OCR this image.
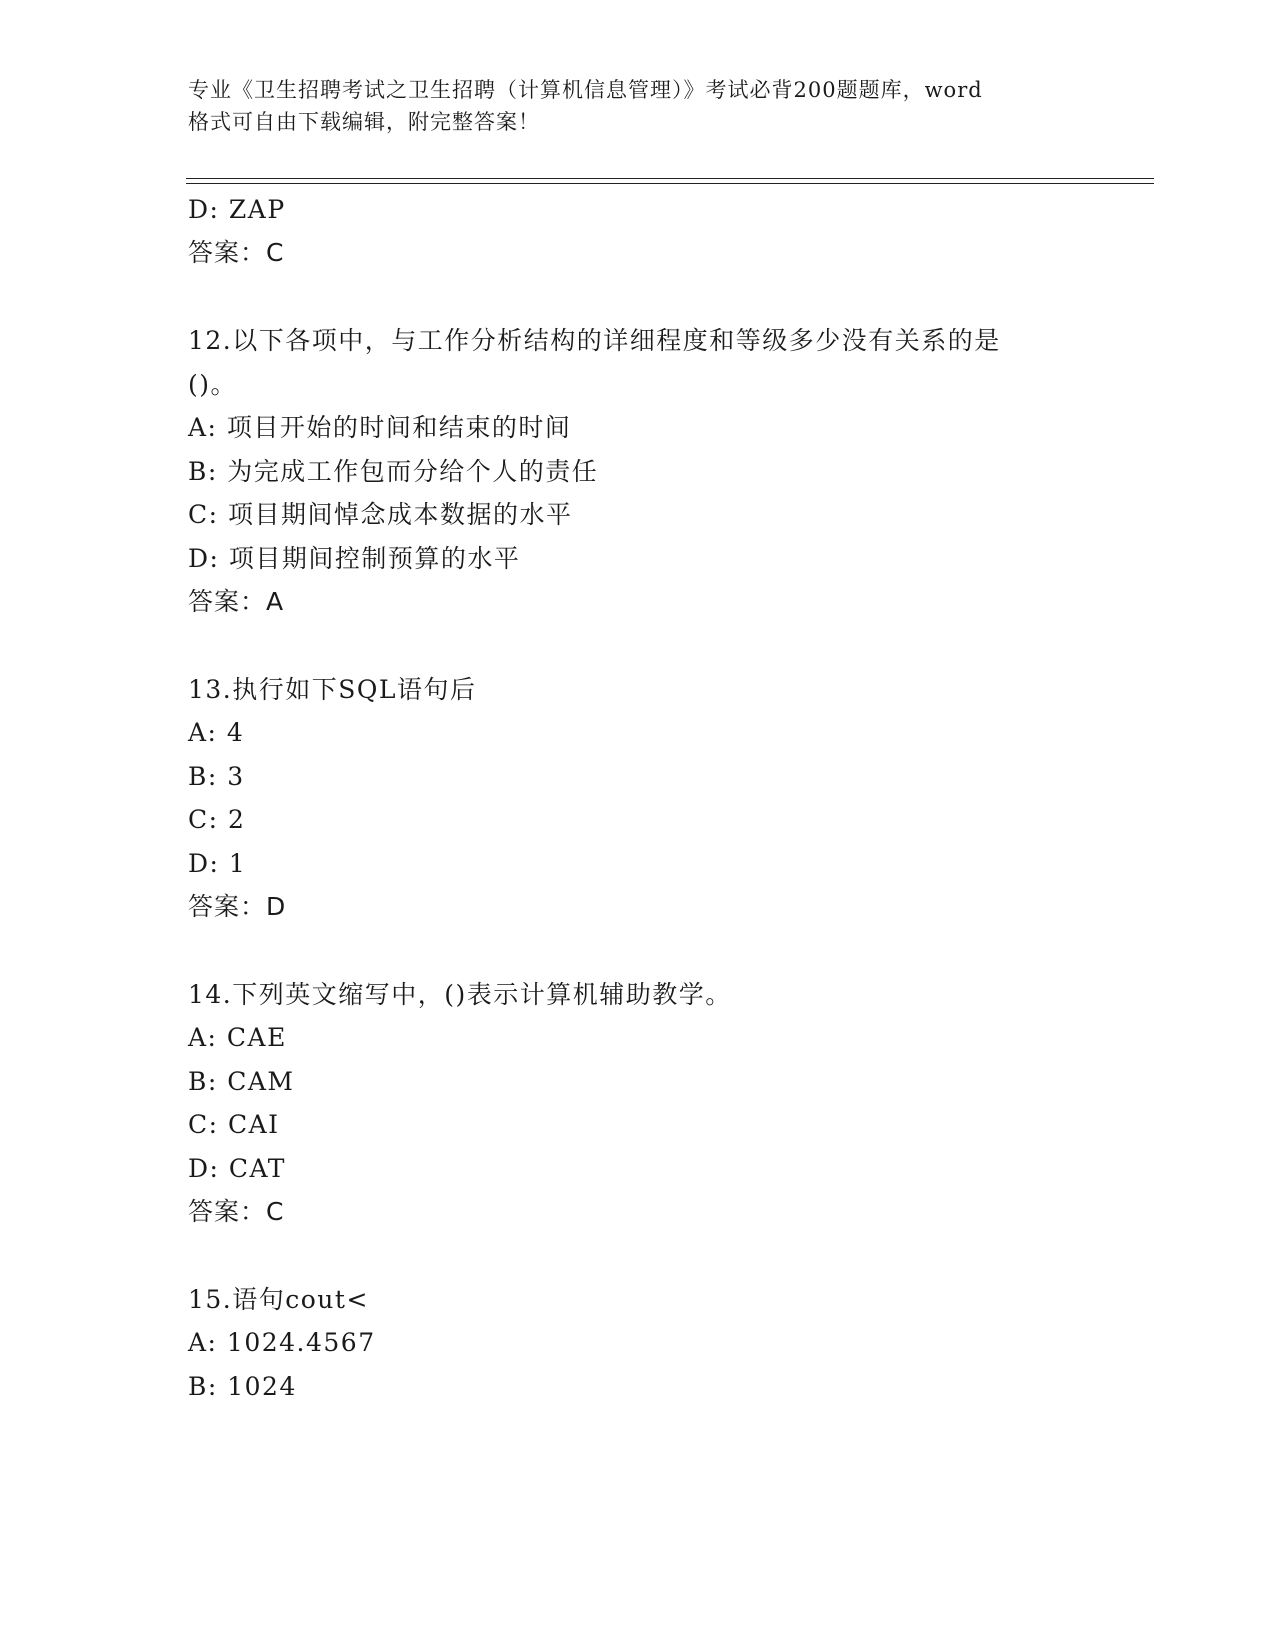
专业《卫生招聘考试之卫生招聘（计算机信息管理）》考试必背200题题库，word
格式可自由下载编辑，附完整答案！
D: ZAP
答案：C
12.以下各项中，与工作分析结构的详细程度和等级多少没有关系的是
()。
A: 项目开始的时间和结束的时间
B: 为完成工作包而分给个人的责任
C: 项目期间悼念成本数据的水平
D: 项目期间控制预算的水平
答案：A
13.执行如下SQL语句后
A: 4
B: 3
C: 2
D: 1
答案：D
14.下列英文缩写中，()表示计算机辅助教学。
A: CAE
B: CAM
C: CAI
D: CAT
答案：C
15.语句cout<
A: 1024.4567
B: 1024
